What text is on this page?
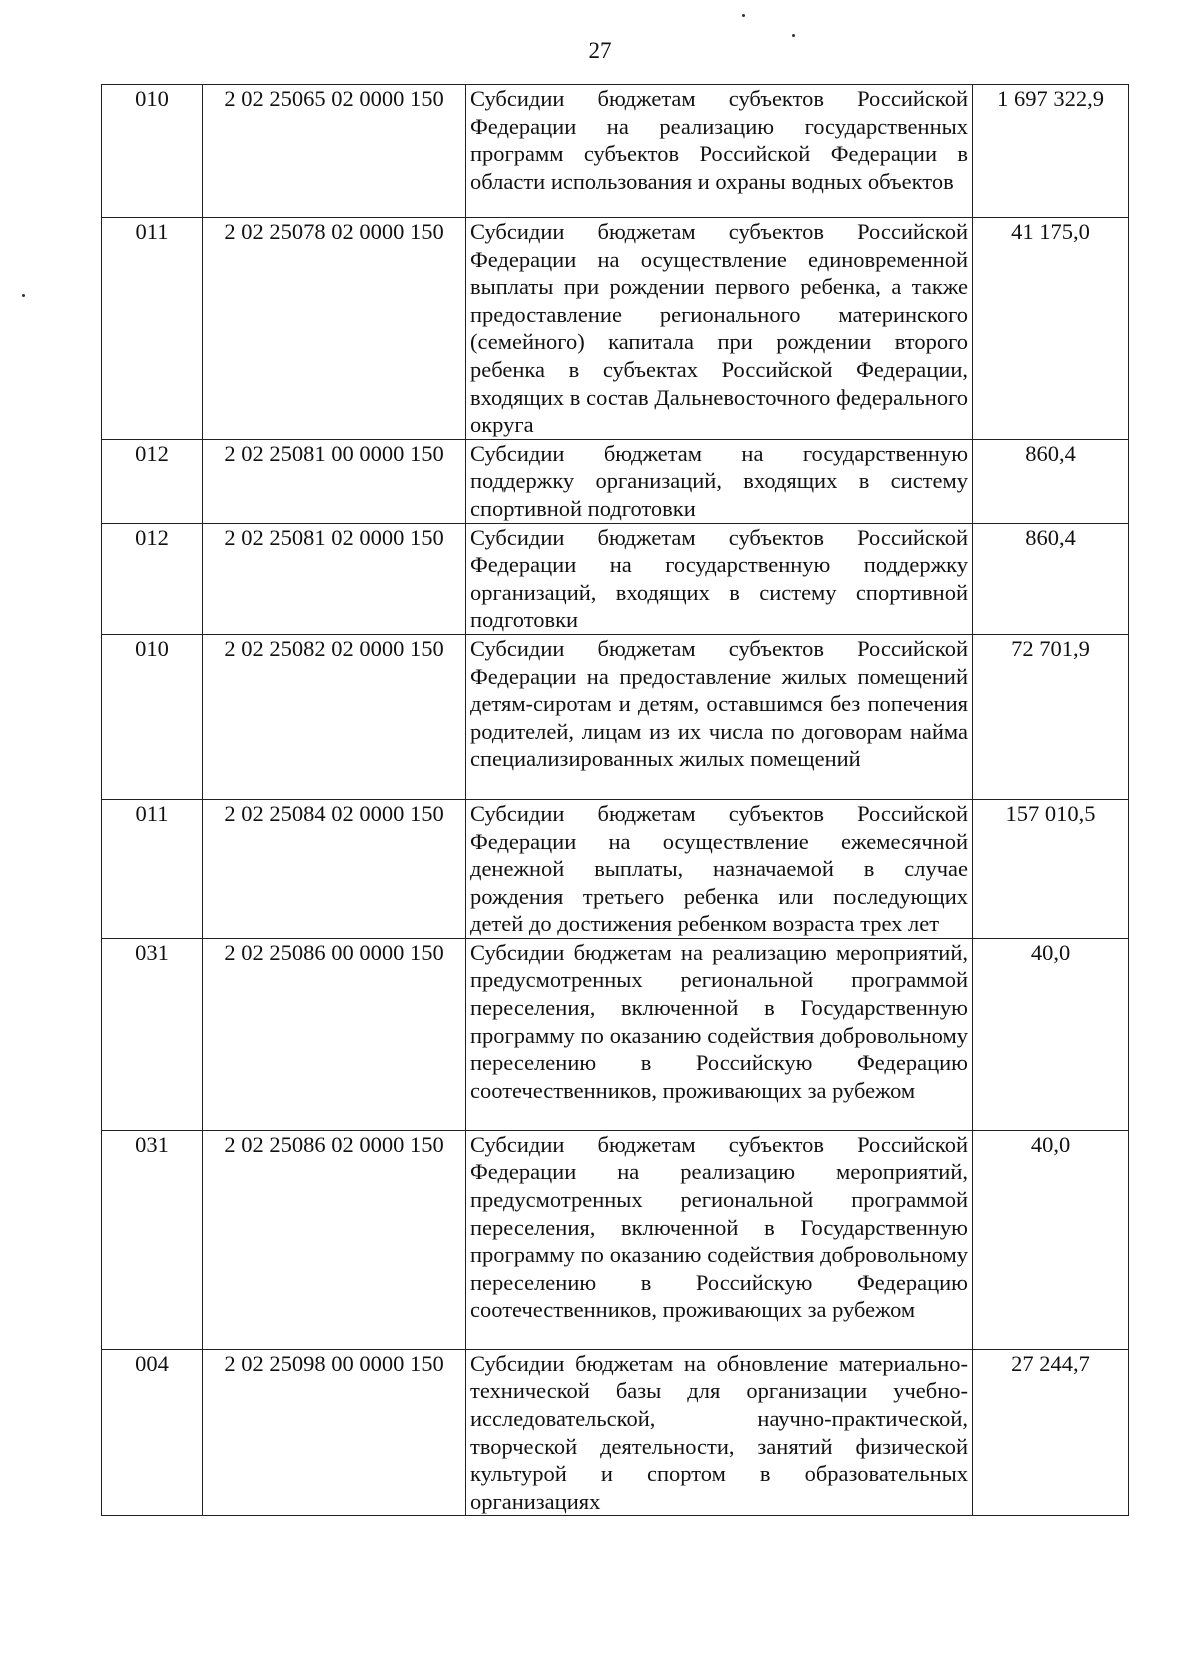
27
010	2 02 25065 02 0000 150	Субсидии бюджетам субъектов Российской Федерации на реализацию государственных программ субъектов Российской Федерации в области использования и охраны водных объектов	1 697 322,9
011	2 02 25078 02 0000 150	Субсидии бюджетам субъектов Российской Федерации на осуществление единовременной выплаты при рождении первого ребенка, а также предоставление регионального материнского (семейного) капитала при рождении второго ребенка в субъектах Российской Федерации, входящих в состав Дальневосточного федерального округа	41 175,0
012	2 02 25081 00 0000 150	Субсидии бюджетам на государственную поддержку организаций, входящих в систему спортивной подготовки	860,4
012	2 02 25081 02 0000 150	Субсидии бюджетам субъектов Российской Федерации на государственную поддержку организаций, входящих в систему спортивной подготовки	860,4
010	2 02 25082 02 0000 150	Субсидии бюджетам субъектов Российской Федерации на предоставление жилых помещений детям-сиротам и детям, оставшимся без попечения родителей, лицам из их числа по договорам найма специализированных жилых помещений	72 701,9
011	2 02 25084 02 0000 150	Субсидии бюджетам субъектов Российской Федерации на осуществление ежемесячной денежной выплаты, назначаемой в случае рождения третьего ребенка или последующих детей до достижения ребенком возраста трех лет	157 010,5
031	2 02 25086 00 0000 150	Субсидии бюджетам на реализацию мероприятий, предусмотренных региональной программой переселения, включенной в Государственную программу по оказанию содействия добровольному переселению в Российскую Федерацию соотечественников, проживающих за рубежом	40,0
031	2 02 25086 02 0000 150	Субсидии бюджетам субъектов Российской Федерации на реализацию мероприятий, предусмотренных региональной программой переселения, включенной в Государственную программу по оказанию содействия добровольному переселению в Российскую Федерацию соотечественников, проживающих за рубежом	40,0
004	2 02 25098 00 0000 150	Субсидии бюджетам на обновление материально-технической базы для организации учебно-исследовательской, научно-практической, творческой деятельности, занятий физической культурой и спортом в образовательных организациях	27 244,7
